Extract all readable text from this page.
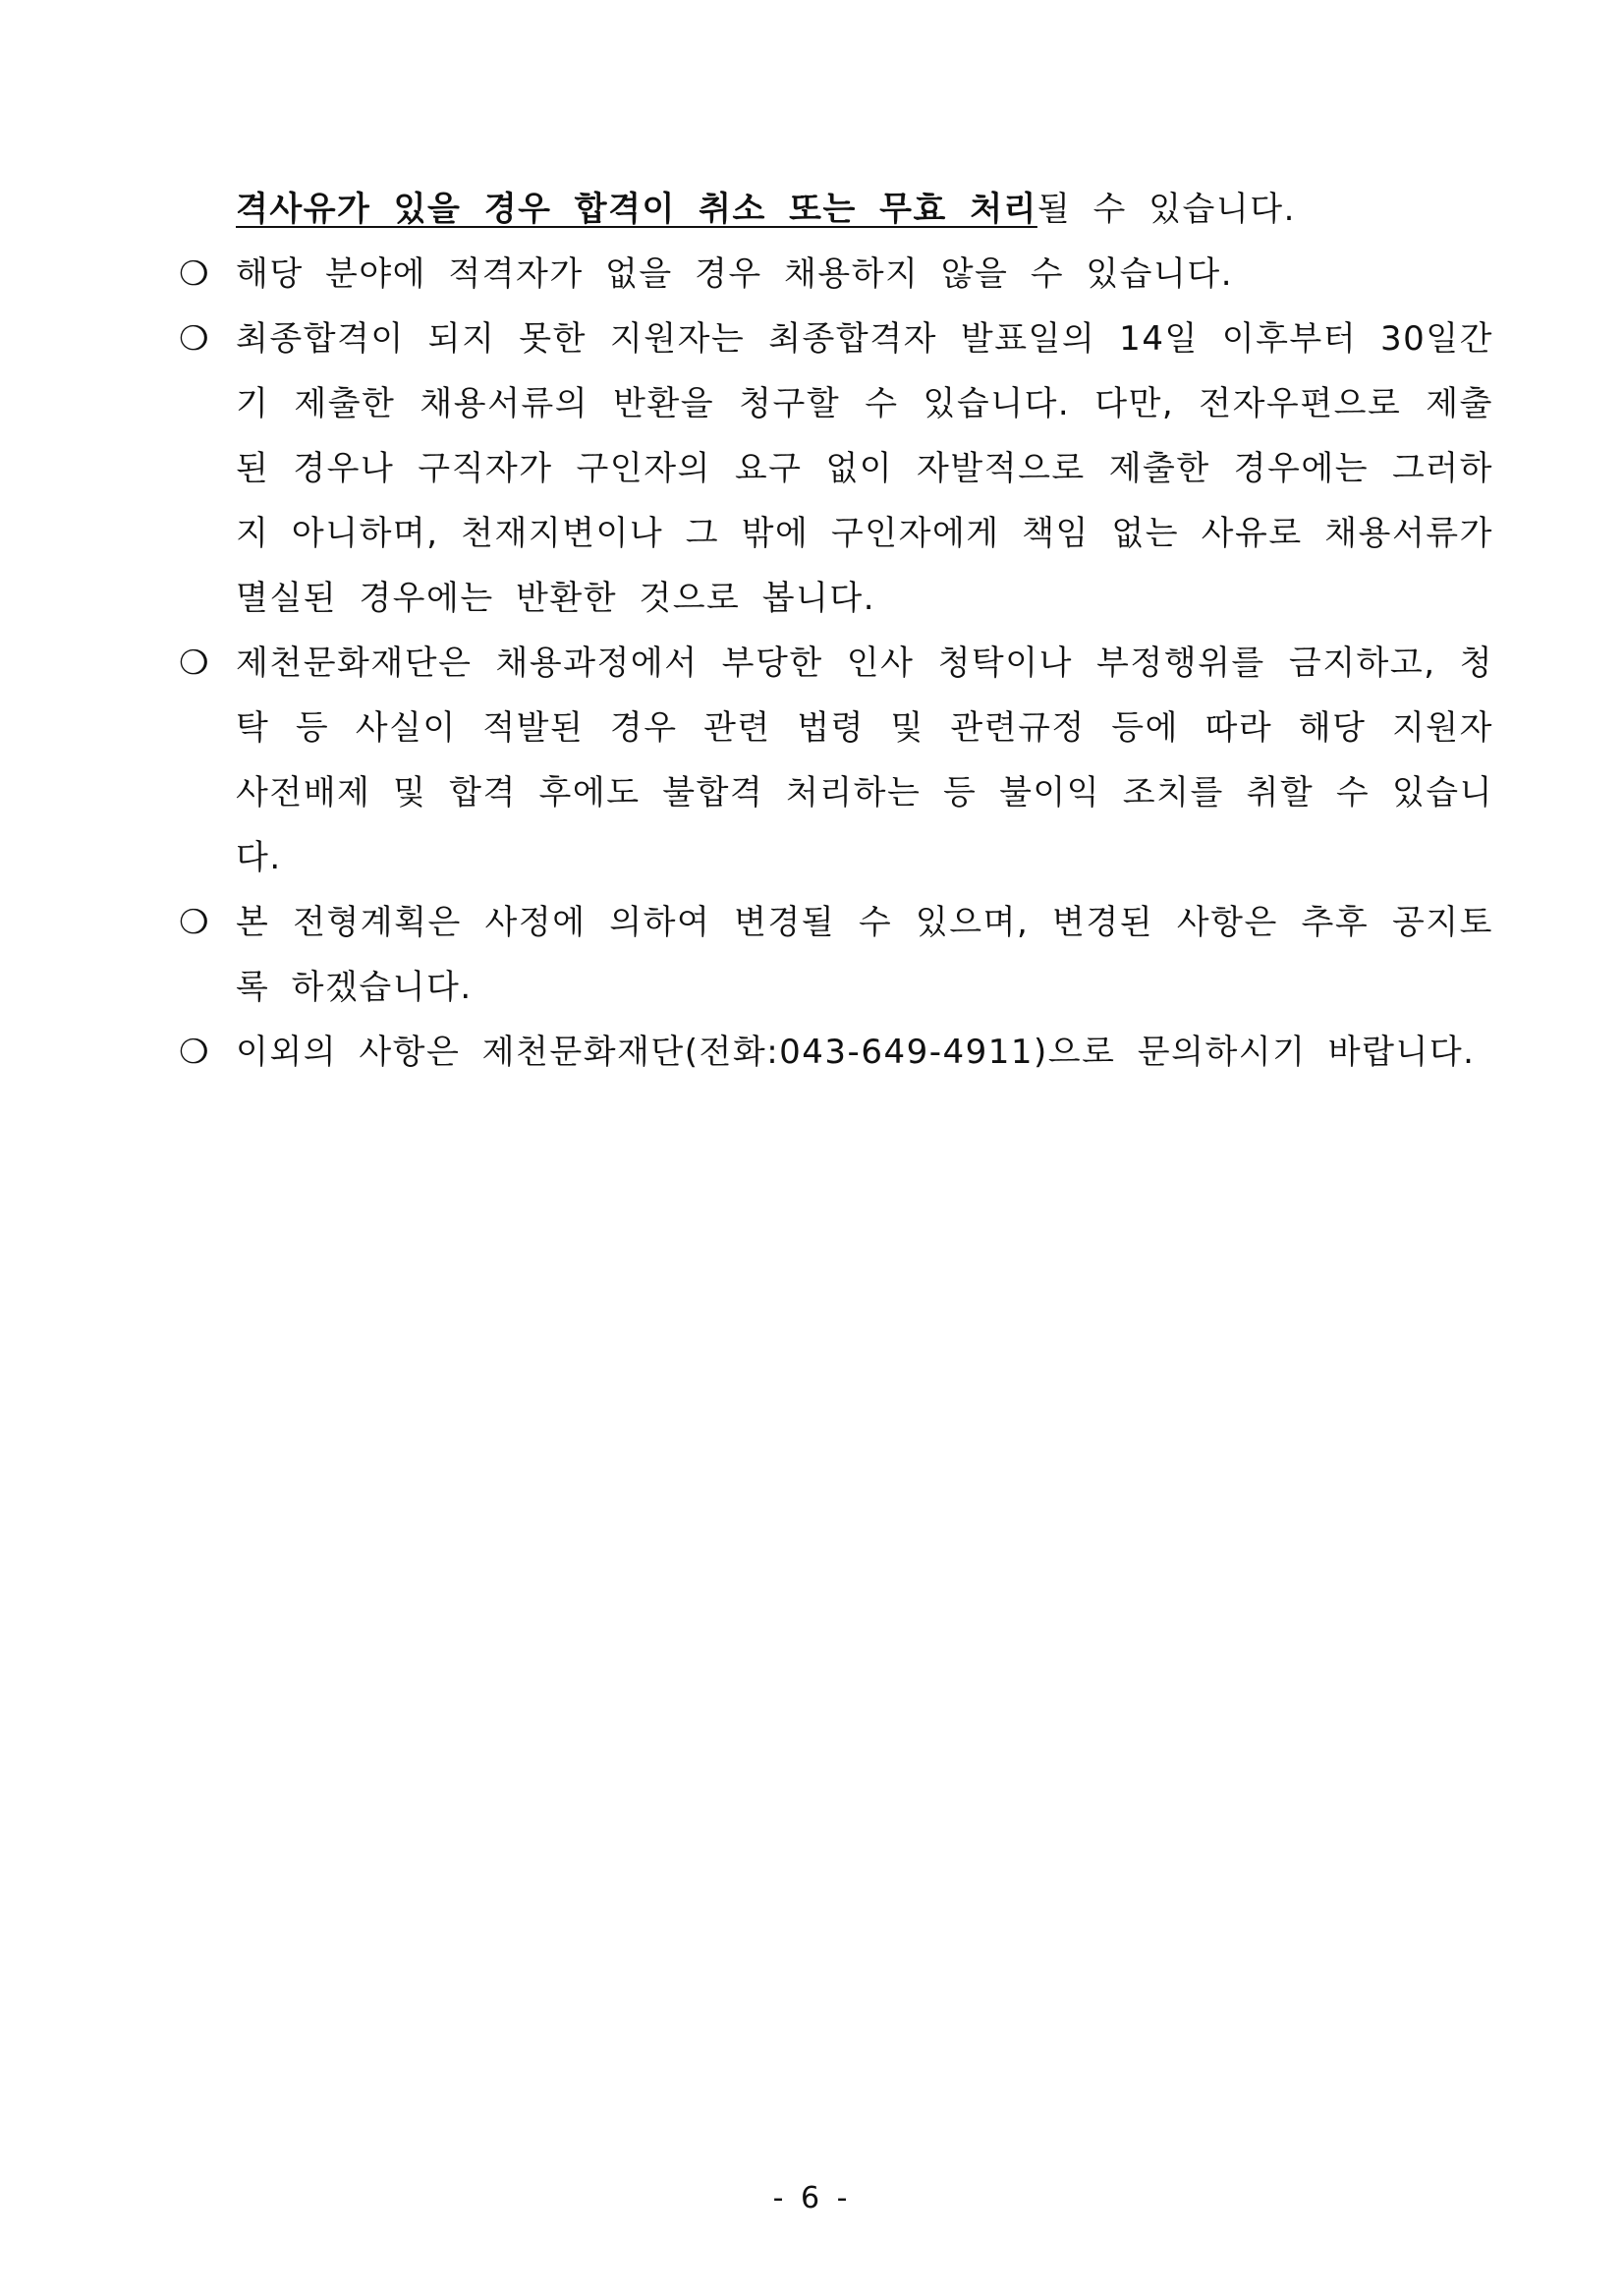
격사유가 있을 경우 합격이 취소 또는 무효 처리될 수 있습니다.
❍ 해당 분야에 적격자가 없을 경우 채용하지 않을 수 있습니다.
❍ 최종합격이 되지 못한 지원자는 최종합격자 발표일의 14일 이후부터 30일간 기 제출한 채용서류의 반환을 청구할 수 있습니다. 다만, 전자우편으로 제출된 경우나 구직자가 구인자의 요구 없이 자발적으로 제출한 경우에는 그러하지 아니하며, 천재지변이나 그 밖에 구인자에게 책임 없는 사유로 채용서류가 멸실된 경우에는 반환한 것으로 봅니다.
❍ 제천문화재단은 채용과정에서 부당한 인사 청탁이나 부정행위를 금지하고, 청탁 등 사실이 적발된 경우 관련 법령 및 관련규정 등에 따라 해당 지원자 사전배제 및 합격 후에도 불합격 처리하는 등 불이익 조치를 취할 수 있습니다.
❍ 본 전형계획은 사정에 의하여 변경될 수 있으며, 변경된 사항은 추후 공지토록 하겠습니다.
❍ 이외의 사항은 제천문화재단(전화:043-649-4911)으로 문의하시기 바랍니다.
- 6 -
